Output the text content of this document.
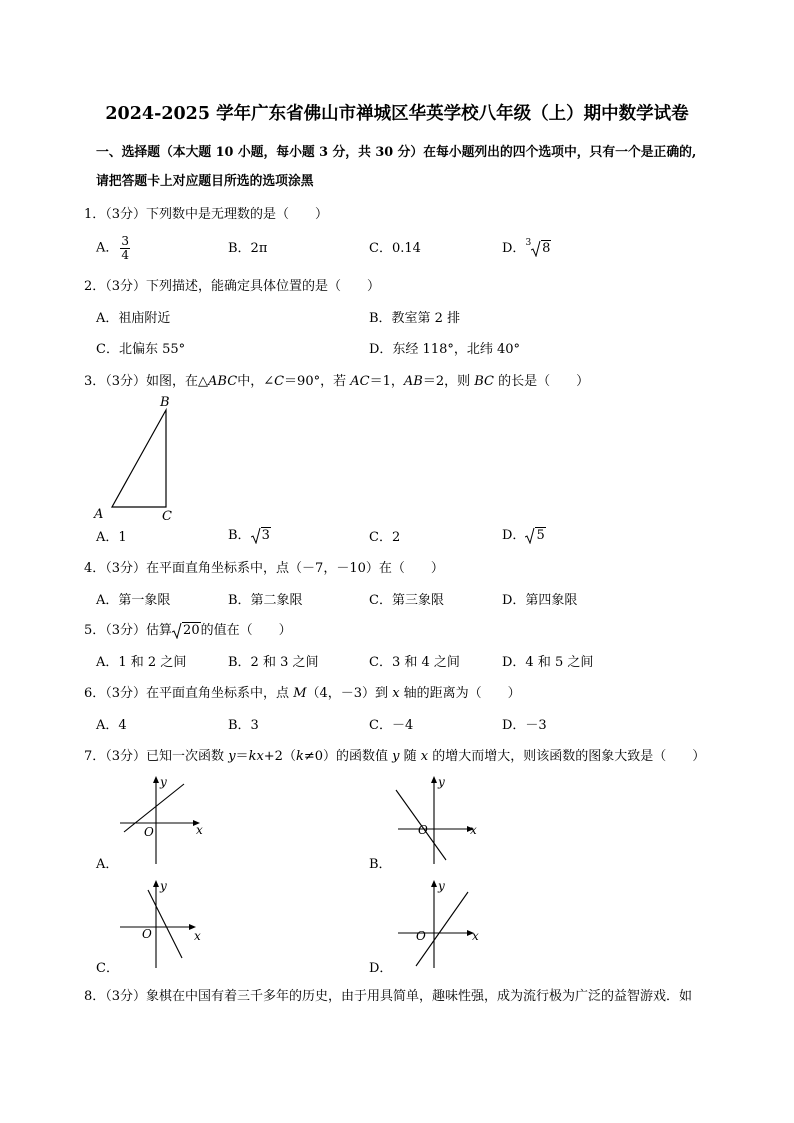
2024-2025 学年广东省佛山市禅城区华英学校八年级（上）期中数学试卷
一、选择题（本大题 10 小题，每小题 3 分，共 30 分）在每小题列出的四个选项中，只有一个是正确的,
请把答题卡上对应题目所选的选项涂黑
1．（3分）下列数中是无理数的是（　　）
A． $\frac{3}{4}$	B．2π	C．0.14	D．$^3$ 8
2．（3分）下列描述，能确定具体位置的是（　　）
A．祖庙附近	B．教室第 2 排
C．北偏东 55°	D．东经 118°，北纬 40°
3．（3分）如图，在△ABC中，∠C＝90°，若 AC＝1，AB＝2，则 BC 的长是（　　）
B
A	C
A．1	B． 3	C．2	D． 5
4．（3分）在平面直角坐标系中，点（－7，－10）在（　　）
A．第一象限	B．第二象限	C．第三象限	D．第四象限
5．（3分）估算 20的值在（　　）
A．1 和 2 之间	B．2 和 3 之间	C．3 和 4 之间	D．4 和 5 之间
6．（3分）在平面直角坐标系中，点 M（4，－3）到 x 轴的距离为（　　）
A．4	B．3	C．－4	D．－3
7．（3分）已知一次函数 y＝kx+2（k≠0）的函数值 y 随 x 的增大而增大，则该函数的图象大致是（　　）
y
x
O
A．
y
x
O
B．
y
x
O
C．
y
x
O
D．
8．（3分）象棋在中国有着三千多年的历史，由于用具简单，趣味性强，成为流行极为广泛的益智游戏．如
